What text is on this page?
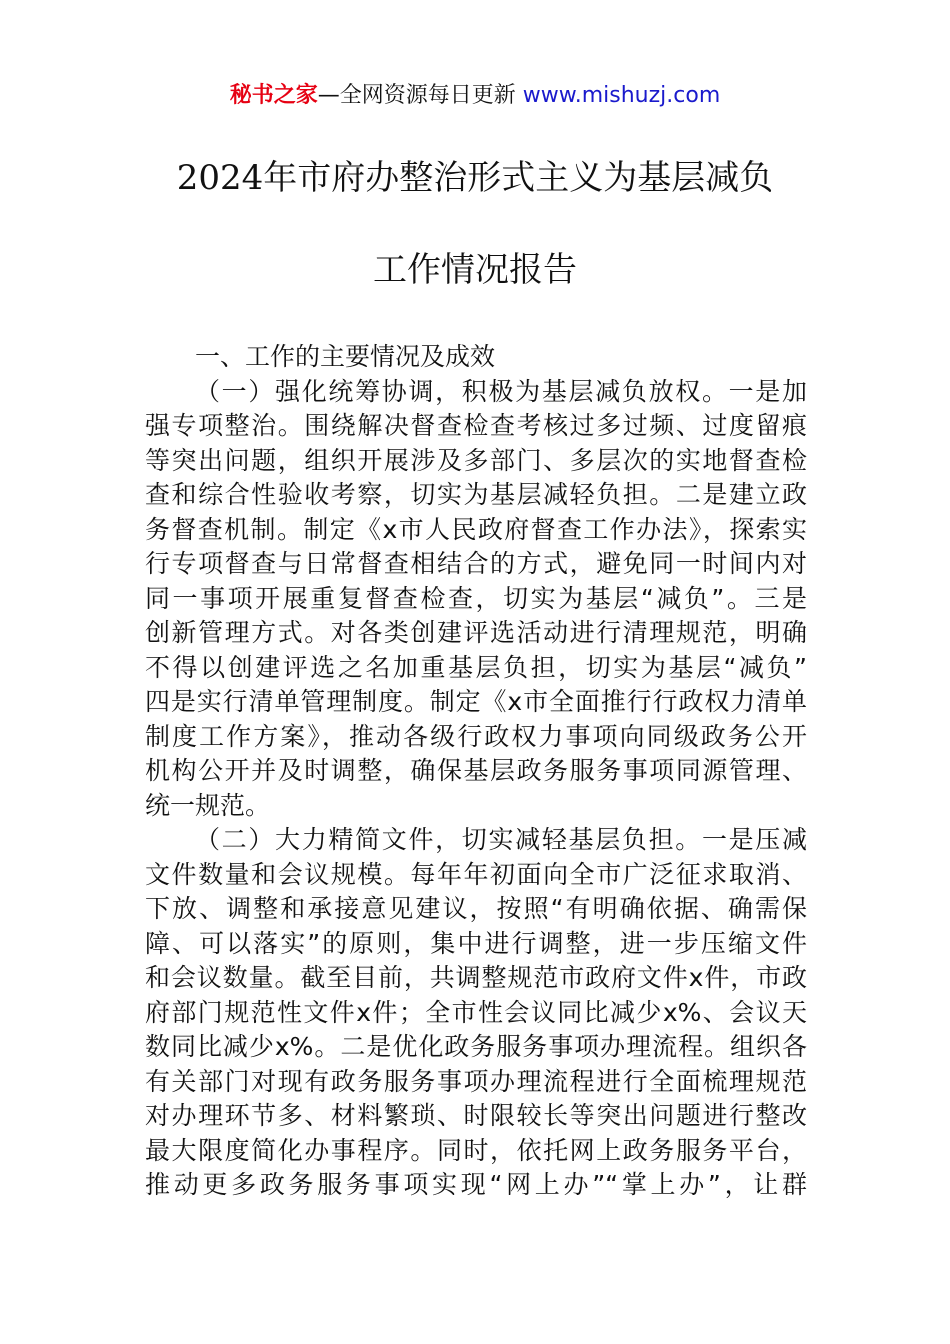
秘书之家—全网资源每日更新 www.mishuzj.com
2024年市府办整治形式主义为基层减负
工作情况报告
一、工作的主要情况及成效
（一）强化统筹协调，积极为基层减负放权。一是加
强专项整治。围绕解决督查检查考核过多过频、过度留痕
等突出问题，组织开展涉及多部门、多层次的实地督查检
查和综合性验收考察，切实为基层减轻负担。二是建立政
务督查机制。制定《x市人民政府督查工作办法》，探索实
行专项督查与日常督查相结合的方式，避免同一时间内对
同一事项开展重复督查检查，切实为基层“减负”。三是
创新管理方式。对各类创建评选活动进行清理规范，明确
不得以创建评选之名加重基层负担，切实为基层“减负”
四是实行清单管理制度。制定《x市全面推行行政权力清单
制度工作方案》，推动各级行政权力事项向同级政务公开
机构公开并及时调整，确保基层政务服务事项同源管理、
统一规范。
（二）大力精简文件，切实减轻基层负担。一是压减
文件数量和会议规模。每年年初面向全市广泛征求取消、
下放、调整和承接意见建议，按照“有明确依据、确需保
障、可以落实”的原则，集中进行调整，进一步压缩文件
和会议数量。截至目前，共调整规范市政府文件x件，市政
府部门规范性文件x件；全市性会议同比减少x%、会议天
数同比减少x%。二是优化政务服务事项办理流程。组织各
有关部门对现有政务服务事项办理流程进行全面梳理规范
对办理环节多、材料繁琐、时限较长等突出问题进行整改
最大限度简化办事程序。同时，依托网上政务服务平台，
推动更多政务服务事项实现“网上办”“掌上办”，让群
